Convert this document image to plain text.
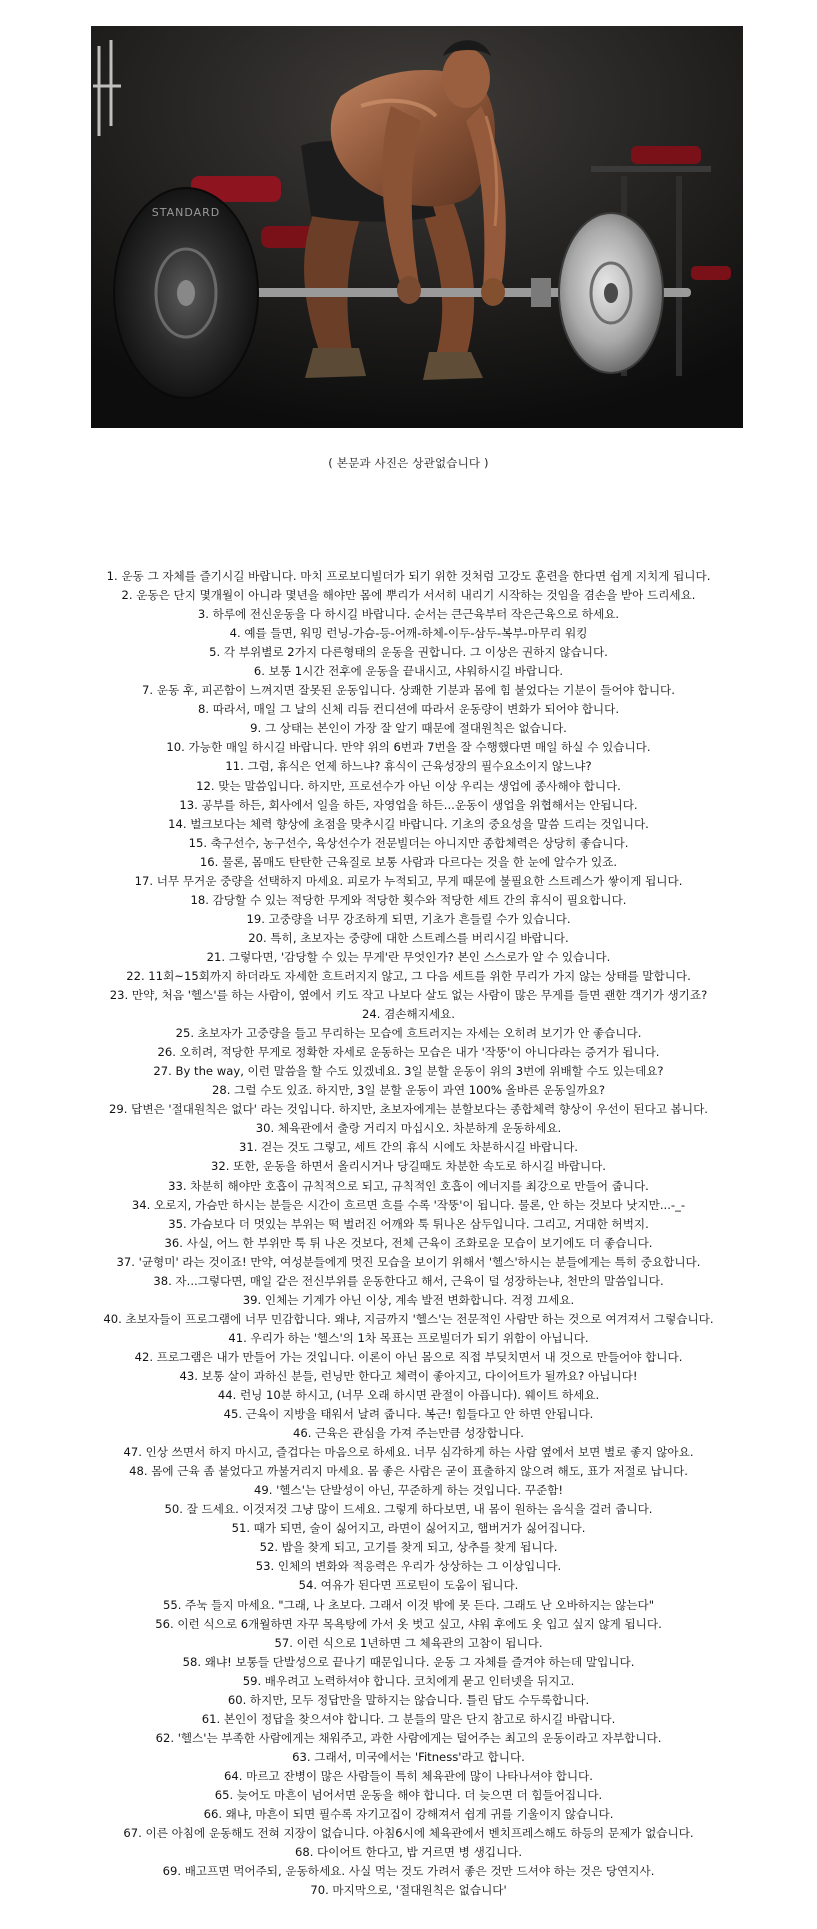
STANDARD
( 본문과 사진은 상관없습니다 )
1. 운동 그 자체를 즐기시길 바랍니다. 마치 프로보디빌더가 되기 위한 것처럼 고강도 훈련을 한다면 쉽게 지치게 됩니다.
2. 운동은 단지 몇개월이 아니라 몇년을 해야만 몸에 뿌리가 서서히 내리기 시작하는 것임을 겸손을 받아 드리세요.
3. 하루에 전신운동을 다 하시길 바랍니다. 순서는 큰근육부터 작은근육으로 하세요.
4. 예를 들면, 워밍 런닝-가슴-등-어깨-하체-이두-삼두-복부-마무리 워킹
5. 각 부위별로 2가지 다른형태의 운동을 권합니다. 그 이상은 권하지 않습니다.
6. 보통 1시간 전후에 운동을 끝내시고, 샤워하시길 바랍니다.
7. 운동 후, 피곤함이 느껴지면 잘못된 운동입니다. 상쾌한 기분과 몸에 힘 붙었다는 기분이 들어야 합니다.
8. 따라서, 매일 그 날의 신체 리듬 컨디션에 따라서 운동량이 변화가 되어야 합니다.
9. 그 상태는 본인이 가장 잘 알기 때문에 절대원칙은 없습니다.
10. 가능한 매일 하시길 바랍니다. 만약 위의 6번과 7번을 잘 수행했다면 매일 하실 수 있습니다.
11. 그럼, 휴식은 언제 하느냐? 휴식이 근육성장의 필수요소이지 않느냐?
12. 맞는 말씀입니다. 하지만, 프로선수가 아닌 이상 우리는 생업에 종사해야 합니다.
13. 공부를 하든, 회사에서 일을 하든, 자영업을 하든...운동이 생업을 위협해서는 안됩니다.
14. 벌크보다는 체력 향상에 초점을 맞추시길 바랍니다. 기초의 중요성을 말씀 드리는 것입니다.
15. 축구선수, 농구선수, 육상선수가 전문빌더는 아니지만 종합체력은 상당히 좋습니다.
16. 물론, 몸매도 탄탄한 근육질로 보통 사람과 다르다는 것을 한 눈에 알수가 있죠.
17. 너무 무거운 중량을 선택하지 마세요. 피로가 누적되고, 무게 때문에 불필요한 스트레스가 쌓이게 됩니다.
18. 감당할 수 있는 적당한 무게와 적당한 횟수와 적당한 세트 간의 휴식이 필요합니다.
19. 고중량을 너무 강조하게 되면, 기초가 흔들릴 수가 있습니다.
20. 특히, 초보자는 중량에 대한 스트레스를 버리시길 바랍니다.
21. 그렇다면, '감당할 수 있는 무게'란 무엇인가? 본인 스스로가 알 수 있습니다.
22. 11회~15회까지 하더라도 자세한 흐트러지지 않고, 그 다음 세트를 위한 무리가 가지 않는 상태를 말합니다.
23. 만약, 처음 '헬스'를 하는 사람이, 옆에서 키도 작고 나보다 살도 없는 사람이 많은 무게를 들면 괜한 객기가 생기죠?
24. 겸손해지세요.
25. 초보자가 고중량을 들고 무리하는 모습에 흐트러지는 자세는 오히려 보기가 안 좋습니다.
26. 오히려, 적당한 무게로 정확한 자세로 운동하는 모습은 내가 '작뚱'이 아니다라는 증거가 됩니다.
27. By the way, 이런 말씀을 할 수도 있겠네요. 3일 분할 운동이 위의 3번에 위배할 수도 있는데요?
28. 그럴 수도 있죠. 하지만, 3일 분할 운동이 과연 100% 올바른 운동일까요?
29. 답변은 '절대원칙은 없다' 라는 것입니다. 하지만, 초보자에게는 분할보다는 종합체력 향상이 우선이 된다고 봅니다.
30. 체육관에서 출랑 거리지 마십시오. 차분하게 운동하세요.
31. 걷는 것도 그렇고, 세트 간의 휴식 시에도 차분하시길 바랍니다.
32. 또한, 운동을 하면서 올리시거나 당길때도 차분한 속도로 하시길 바랍니다.
33. 차분히 해야만 호흡이 규칙적으로 되고, 규칙적인 호흡이 에너지를 최강으로 만들어 줍니다.
34. 오로지, 가슴만 하시는 분들은 시간이 흐르면 흐를 수록 '작뚱'이 됩니다. 물론, 안 하는 것보다 낫지만...-_-
35. 가슴보다 더 멋있는 부위는 떡 벌러진 어깨와 툭 튀나온 삼두입니다. 그리고, 거대한 허벅지.
36. 사실, 어느 한 부위만 툭 튀 나온 것보다, 전체 근육이 조화로운 모습이 보기에도 더 좋습니다.
37. '균형미' 라는 것이죠! 만약, 여성분들에게 멋진 모습을 보이기 위해서 '헬스'하시는 분들에게는 특히 중요합니다.
38. 자...그렇다면, 매일 같은 전신부위를 운동한다고 해서, 근육이 덜 성장하는냐, 천만의 말씀입니다.
39. 인체는 기계가 아닌 이상, 계속 발전 변화합니다. 걱정 끄세요.
40. 초보자들이 프로그램에 너무 민감합니다. 왜냐, 지금까지 '헬스'는 전문적인 사람만 하는 것으로 여겨져서 그렇습니다.
41. 우리가 하는 '헬스'의 1차 목표는 프로빌더가 되기 위함이 아닙니다.
42. 프로그램은 내가 만들어 가는 것입니다. 이론이 아닌 몸으로 직접 부딪치면서 내 것으로 만들어야 합니다.
43. 보통 살이 과하신 분들, 런닝만 한다고 체력이 좋아지고, 다이어트가 될까요? 아닙니다!
44. 런닝 10분 하시고, (너무 오래 하시면 관절이 아픕니다). 웨이트 하세요.
45. 근육이 지방을 태워서 날려 줍니다. 복근! 힘들다고 안 하면 안됩니다.
46. 근육은 관심을 가져 주는만큼 성장합니다.
47. 인상 쓰면서 하지 마시고, 즐겁다는 마음으로 하세요. 너무 심각하게 하는 사람 옆에서 보면 별로 좋지 않아요.
48. 몸에 근육 좀 붙었다고 까불거리지 마세요. 몸 좋은 사람은 굳이 표출하지 않으려 해도, 표가 저절로 납니다.
49. '헬스'는 단발성이 아닌, 꾸준하게 하는 것입니다. 꾸준함!
50. 잘 드세요. 이것저것 그냥 많이 드세요. 그렇게 하다보면, 내 몸이 원하는 음식을 걸러 줍니다.
51. 때가 되면, 술이 싫어지고, 라면이 싫어지고, 햄버거가 싫어집니다.
52. 밥을 찾게 되고, 고기를 찾게 되고, 상추를 찾게 됩니다.
53. 인체의 변화와 적응력은 우리가 상상하는 그 이상입니다.
54. 여유가 된다면 프로틴이 도움이 됩니다.
55. 주눅 들지 마세요. "그래, 나 초보다. 그래서 이것 밖에 못 든다. 그래도 난 오바하지는 않는다"
56. 이런 식으로 6개월하면 자꾸 목욕탕에 가서 옷 벗고 싶고, 샤워 후에도 옷 입고 싶지 않게 됩니다.
57. 이런 식으로 1년하면 그 체육관의 고참이 됩니다.
58. 왜냐! 보통들 단발성으로 끝나기 때문입니다. 운동 그 자체를 즐겨야 하는데 말입니다.
59. 배우려고 노력하셔야 합니다. 코치에게 묻고 인터넷을 뒤지고.
60. 하지만, 모두 정답만을 말하지는 않습니다. 틀린 답도 수두룩합니다.
61. 본인이 정답을 찾으셔야 합니다. 그 분들의 말은 단지 참고로 하시길 바랍니다.
62. '헬스'는 부족한 사람에게는 채워주고, 과한 사람에게는 덜어주는 최고의 운동이라고 자부합니다.
63. 그래서, 미국에서는 'Fitness'라고 합니다.
64. 마르고 잔병이 많은 사람들이 특히 체육관에 많이 나타나셔야 합니다.
65. 늦어도 마흔이 넘어서면 운동을 해야 합니다. 더 늦으면 더 힘들어집니다.
66. 왜냐, 마흔이 되면 필수록 자기고집이 강해져서 쉽게 귀를 기울이지 않습니다.
67. 이른 아침에 운동해도 전혀 지장이 없습니다. 아침6시에 체육관에서 벤치프레스해도 하등의 문제가 없습니다.
68. 다이어트 한다고, 밥 거르면 병 생깁니다.
69. 배고프면 먹어주되, 운동하세요. 사실 먹는 것도 가려서 좋은 것만 드셔야 하는 것은 당연지사.
70. 마지막으로, '절대원칙은 없습니다'
